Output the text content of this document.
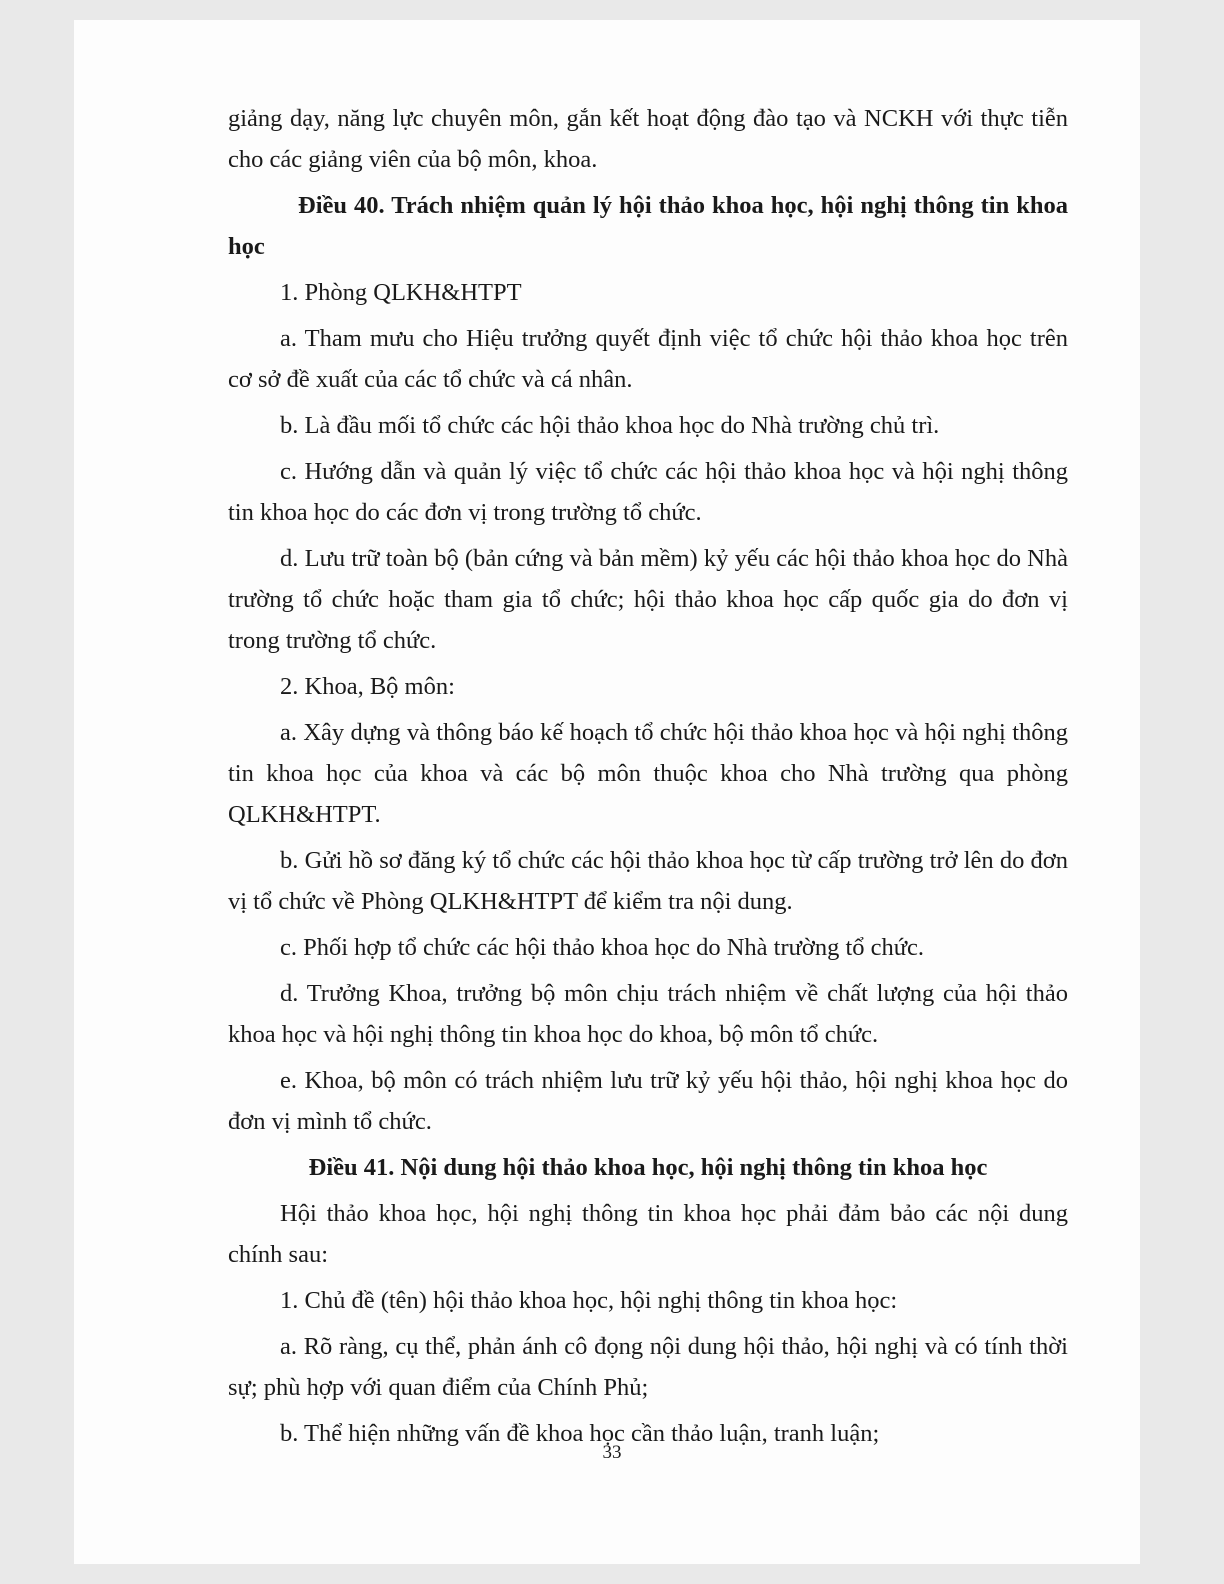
giảng dạy, năng lực chuyên môn, gắn kết hoạt động đào tạo và NCKH với thực tiễn cho các giảng viên của bộ môn, khoa.

Điều 40. Trách nhiệm quản lý hội thảo khoa học, hội nghị thông tin khoa học

1. Phòng QLKH&HTPT

a. Tham mưu cho Hiệu trưởng quyết định việc tổ chức hội thảo khoa học trên cơ sở đề xuất của các tổ chức và cá nhân.

b. Là đầu mối tổ chức các hội thảo khoa học do Nhà trường chủ trì.

c. Hướng dẫn và quản lý việc tổ chức các hội thảo khoa học và hội nghị thông tin khoa học do các đơn vị trong trường tổ chức.

d. Lưu trữ toàn bộ (bản cứng và bản mềm) kỷ yếu các hội thảo khoa học do Nhà trường tổ chức hoặc tham gia tổ chức; hội thảo khoa học cấp quốc gia do đơn vị trong trường tổ chức.

2. Khoa, Bộ môn:

a. Xây dựng và thông báo kế hoạch tổ chức hội thảo khoa học và hội nghị thông tin khoa học của khoa và các bộ môn thuộc khoa cho Nhà trường qua phòng QLKH&HTPT.

b. Gửi hồ sơ đăng ký tổ chức các hội thảo khoa học từ cấp trường trở lên do đơn vị tổ chức về Phòng QLKH&HTPT để kiểm tra nội dung.

c. Phối hợp tổ chức các hội thảo khoa học do Nhà trường tổ chức.

d. Trưởng Khoa, trưởng bộ môn chịu trách nhiệm về chất lượng của hội thảo khoa học và hội nghị thông tin khoa học do khoa, bộ môn tổ chức.

e. Khoa, bộ môn có trách nhiệm lưu trữ kỷ yếu hội thảo, hội nghị khoa học do đơn vị mình tổ chức.

Điều 41. Nội dung hội thảo khoa học, hội nghị thông tin khoa học

Hội thảo khoa học, hội nghị thông tin khoa học phải đảm bảo các nội dung chính sau:

1. Chủ đề (tên) hội thảo khoa học, hội nghị thông tin khoa học:

a. Rõ ràng, cụ thể, phản ánh cô đọng nội dung hội thảo, hội nghị và có tính thời sự; phù hợp với quan điểm của Chính Phủ;

b. Thể hiện những vấn đề khoa học cần thảo luận, tranh luận;

33
